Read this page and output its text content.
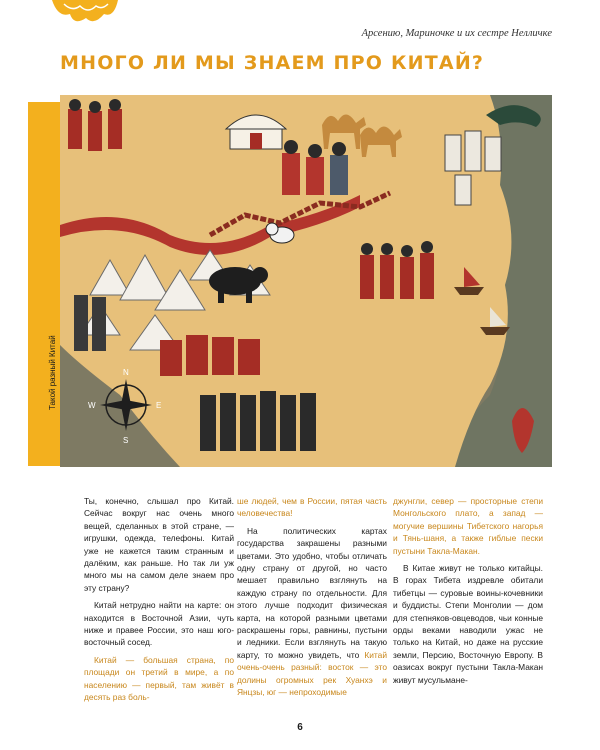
Арсению, Мариночке и их сестре Нелличке
МНОГО ЛИ МЫ ЗНАЕМ ПРО КИТАЙ?
N
S
W	E
Такой разный Китай

Ты, конечно, слышал про Китай. Сейчас вокруг нас очень много вещей, сделанных в этой стране, — игрушки, одежда, телефоны. Китай уже не кажется таким странным и далёким, как раньше. Но так ли уж много мы на самом деле знаем про эту страну?

Китай нетрудно найти на карте: он находится в Восточной Азии, чуть ниже и правее России, это наш юго-восточный сосед.

Китай — большая страна, по площади он третий в мире, а по населению — первый, там живёт в десять раз боль-

ше людей, чем в России, пятая часть человечества!

На политических картах государства закрашены разными цветами. Это удобно, чтобы отличать одну страну от другой, но часто мешает правильно взглянуть на каждую страну по отдельности. Для этого лучше подходит физическая карта, на которой разными цветами раскрашены горы, равнины, пустыни и ледники. Если взглянуть на такую карту, то можно увидеть, что Китай очень-очень разный: восток — это долины огромных рек Хуанхэ и Янцзы, юг — непроходимые

джунгли, север — просторные степи Монгольского плато, а запад — могучие вершины Тибетского нагорья и Тянь-шаня, а также гиблые пески пустыни Такла-Макан.

В Китае живут не только китайцы. В горах Тибета издревле обитали тибетцы — суровые воины-кочевники и буддисты. Степи Монголии — дом для степняков-овцеводов, чьи конные орды веками наводили ужас не только на Китай, но даже на русские земли, Персию, Восточную Европу. В оазисах вокруг пустыни Такла-Макан живут мусульмане-

6
